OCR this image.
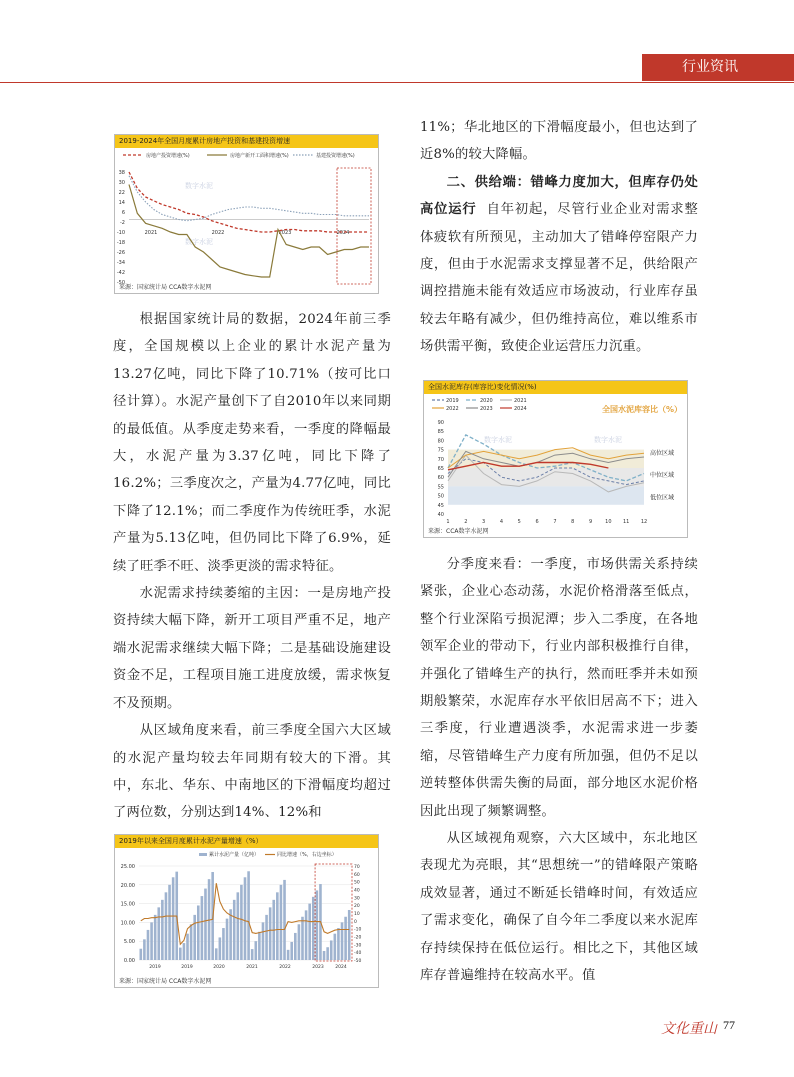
行业资讯
2019-2024年全国月度累计房地产投资和基建投资增速
房地产投资增速(%)	房地产新开工面积增速(%)	基建投资增速(%)
数字水泥
数字水泥
38
30
22
14
6
-2
-10
-18
-26
-34
-42
-50
2021	2022	2023	2024
来源：国家统计局 CCA数字水泥网
全国水泥库存(库容比)变化情况(%)
2019	2020	2021
2022	2023	2024	全国水泥库容比（%）
数字水泥	数字水泥
90
85
80
75
70
65
60
55
50
45
40
1	2	3	4	5	6	7	8	9	10 11 12
高位区域
中位区域
低位区域
来源：CCA数字水泥网
2019年以来全国月度累计水泥产量增速（%）
累计水泥产量（亿吨）	同比增速（%，右边坐标）
25.00
20.00
15.00
10.00
5.00
0.00
70
60
50
40
30
20
10
0
-10
-20
-30
-40
-50
2019	2019	2020	2021	2022	2023	2024
来源：国家统计局 CCA数字水泥网

根据国家统计局的数据，2024年前三季度，全国规模以上企业的累计水泥产量为13.27亿吨，同比下降了10.71%（按可比口径计算）。水泥产量创下了自2010年以来同期的最低值。从季度走势来看，一季度的降幅最大，水泥产量为3.37亿吨，同比下降了16.2%；三季度次之，产量为4.77亿吨，同比下降了12.1%；而二季度作为传统旺季，水泥产量为5.13亿吨，但仍同比下降了6.9%，延续了旺季不旺、淡季更淡的需求特征。

水泥需求持续萎缩的主因：一是房地产投资持续大幅下降，新开工项目严重不足，地产端水泥需求继续大幅下降；二是基础设施建设资金不足，工程项目施工进度放缓，需求恢复不及预期。

从区域角度来看，前三季度全国六大区域的水泥产量均较去年同期有较大的下滑。其中，东北、华东、中南地区的下滑幅度均超过了两位数，分别达到14%、12%和

11%；华北地区的下滑幅度最小，但也达到了近8%的较大降幅。

二、供给端：错峰力度加大，但库存仍处高位运行 自年初起，尽管行业企业对需求整体疲软有所预见，主动加大了错峰停窑限产力度，但由于水泥需求支撑显著不足，供给限产调控措施未能有效适应市场波动，行业库存虽较去年略有减少，但仍维持高位，难以维系市场供需平衡，致使企业运营压力沉重。

分季度来看：一季度，市场供需关系持续紧张，企业心态动荡，水泥价格滑落至低点，整个行业深陷亏损泥潭；步入二季度，在各地领军企业的带动下，行业内部积极推行自律，并强化了错峰生产的执行，然而旺季并未如预期般繁荣，水泥库存水平依旧居高不下；进入三季度，行业遭遇淡季，水泥需求进一步萎缩，尽管错峰生产力度有所加强，但仍不足以逆转整体供需失衡的局面，部分地区水泥价格因此出现了频繁调整。

从区域视角观察，六大区域中，东北地区表现尤为亮眼，其“思想统一”的错峰限产策略成效显著，通过不断延长错峰时间，有效适应了需求变化，确保了自今年二季度以来水泥库存持续保持在低位运行。相比之下，其他区域库存普遍维持在较高水平。值

文化重山 77
